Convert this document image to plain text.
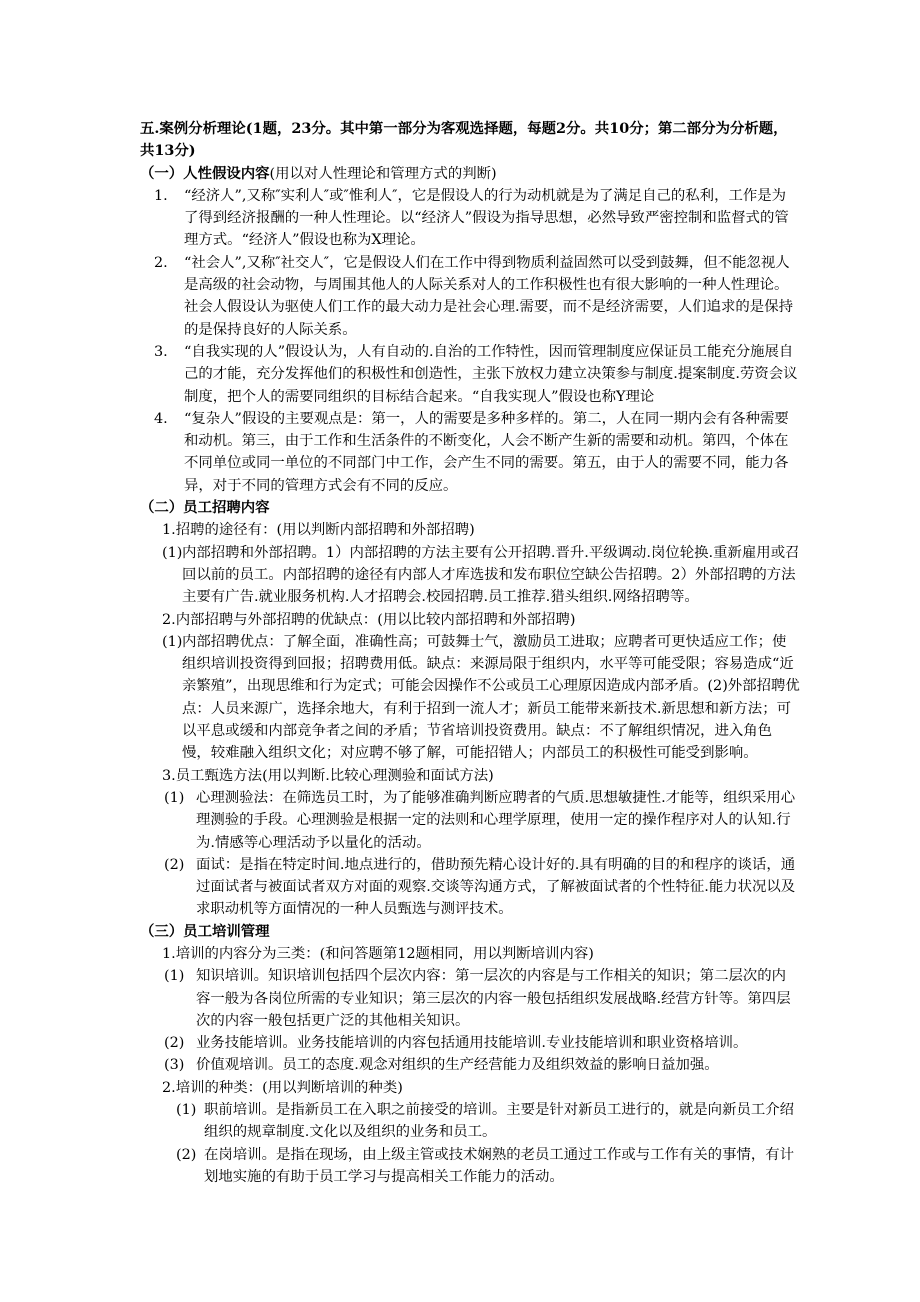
五.案例分析理论(1题，23分。其中第一部分为客观选择题，每题2分。共10分；第二部分为分析题，共13分)

（一）人性假设内容(用以对人性理论和管理方式的判断)

1. “经济人”,又称″实利人″或″惟利人″，它是假设人的行为动机就是为了满足自己的私利，工作是为了得到经济报酬的一种人性理论。以“经济人”假设为指导思想，必然导致严密控制和监督式的管理方式。“经济人”假设也称为X理论。

2. “社会人”,又称″社交人″，它是假设人们在工作中得到物质利益固然可以受到鼓舞，但不能忽视人是高级的社会动物，与周围其他人的人际关系对人的工作积极性也有很大影响的一种人性理论。社会人假设认为驱使人们工作的最大动力是社会心理.需要，而不是经济需要，人们追求的是保持的是保持良好的人际关系。

3. “自我实现的人”假设认为，人有自动的.自治的工作特性，因而管理制度应保证员工能充分施展自己的才能，充分发挥他们的积极性和创造性，主张下放权力建立决策参与制度.提案制度.劳资会议制度，把个人的需要同组织的目标结合起来。“自我实现人”假设也称Y理论

4. “复杂人”假设的主要观点是：第一，人的需要是多种多样的。第二，人在同一期内会有各种需要和动机。第三，由于工作和生活条件的不断变化，人会不断产生新的需要和动机。第四，个体在不同单位或同一单位的不同部门中工作，会产生不同的需要。第五，由于人的需要不同，能力各异，对于不同的管理方式会有不同的反应。

（二）员工招聘内容

1.招聘的途径有：(用以判断内部招聘和外部招聘)

(1) 内部招聘和外部招聘。1）内部招聘的方法主要有公开招聘.晋升.平级调动.岗位轮换.重新雇用或召回以前的员工。内部招聘的途径有内部人才库选拔和发布职位空缺公告招聘。2）外部招聘的方法主要有广告.就业服务机构.人才招聘会.校园招聘.员工推荐.猎头组织.网络招聘等。

2.内部招聘与外部招聘的优缺点：(用以比较内部招聘和外部招聘)

(1) 内部招聘优点：了解全面，准确性高；可鼓舞士气，激励员工进取；应聘者可更快适应工作；使组织培训投资得到回报；招聘费用低。缺点：来源局限于组织内，水平等可能受限；容易造成“近亲繁殖”，出现思维和行为定式；可能会因操作不公或员工心理原因造成内部矛盾。(2)外部招聘优点：人员来源广，选择余地大，有利于招到一流人才；新员工能带来新技术.新思想和新方法；可以平息或缓和内部竞争者之间的矛盾；节省培训投资费用。缺点：不了解组织情况，进入角色慢，较难融入组织文化；对应聘不够了解，可能招错人；内部员工的积极性可能受到影响。

3.员工甄选方法(用以判断.比较心理测验和面试方法)

(1) 心理测验法：在筛选员工时，为了能够准确判断应聘者的气质.思想敏捷性.才能等，组织采用心理测验的手段。心理测验是根据一定的法则和心理学原理，使用一定的操作程序对人的认知.行为.情感等心理活动予以量化的活动。

(2) 面试：是指在特定时间.地点进行的，借助预先精心设计好的.具有明确的目的和程序的谈话，通过面试者与被面试者双方对面的观察.交谈等沟通方式，了解被面试者的个性特征.能力状况以及求职动机等方面情况的一种人员甄选与测评技术。

（三）员工培训管理

1.培训的内容分为三类：(和问答题第12题相同，用以判断培训内容)

(1) 知识培训。知识培训包括四个层次内容：第一层次的内容是与工作相关的知识；第二层次的内容一般为各岗位所需的专业知识；第三层次的内容一般包括组织发展战略.经营方针等。第四层次的内容一般包括更广泛的其他相关知识。

(2) 业务技能培训。业务技能培训的内容包括通用技能培训.专业技能培训和职业资格培训。

(3) 价值观培训。员工的态度.观念对组织的生产经营能力及组织效益的影响日益加强。

2.培训的种类：(用以判断培训的种类)

(1) 职前培训。是指新员工在入职之前接受的培训。主要是针对新员工进行的，就是向新员工介绍组织的规章制度.文化以及组织的业务和员工。

(2) 在岗培训。是指在现场，由上级主管或技术娴熟的老员工通过工作或与工作有关的事情，有计划地实施的有助于员工学习与提高相关工作能力的活动。
